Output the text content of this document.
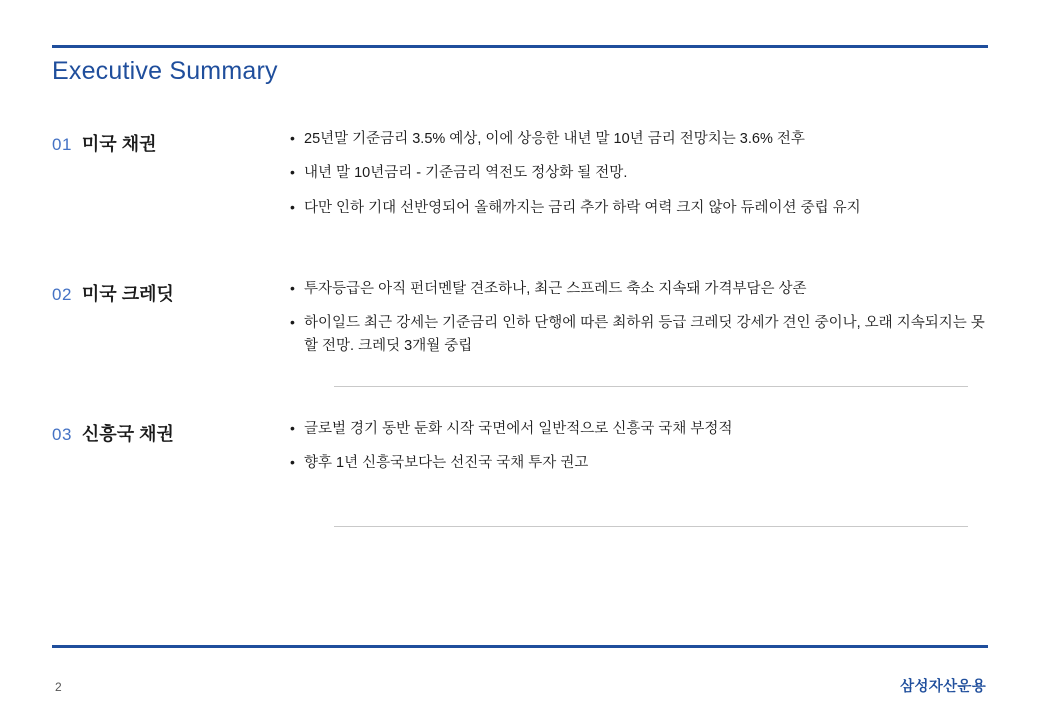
Executive Summary
01 미국 채권	• 25년말 기준금리 3.5% 예상, 이에 상응한 내년 말 10년 금리 전망치는 3.6% 전후
• 내년 말 10년금리 - 기준금리 역전도 정상화 될 전망.
• 다만 인하 기대 선반영되어 올해까지는 금리 추가 하락 여력 크지 않아 듀레이션 중립 유지
02 미국 크레딧	• 투자등급은 아직 펀더멘탈 견조하나, 최근 스프레드 축소 지속돼 가격부담은 상존
• 하이일드 최근 강세는 기준금리 인하 단행에 따른 최하위 등급 크레딧 강세가 견인 중이나, 오래 지속되지는 못할 전망. 크레딧 3개월 중립
03 신흥국 채권	• 글로벌 경기 동반 둔화 시작 국면에서 일반적으로 신흥국 국채 부정적
• 향후 1년 신흥국보다는 선진국 국채 투자 권고
2	삼성자산운용
